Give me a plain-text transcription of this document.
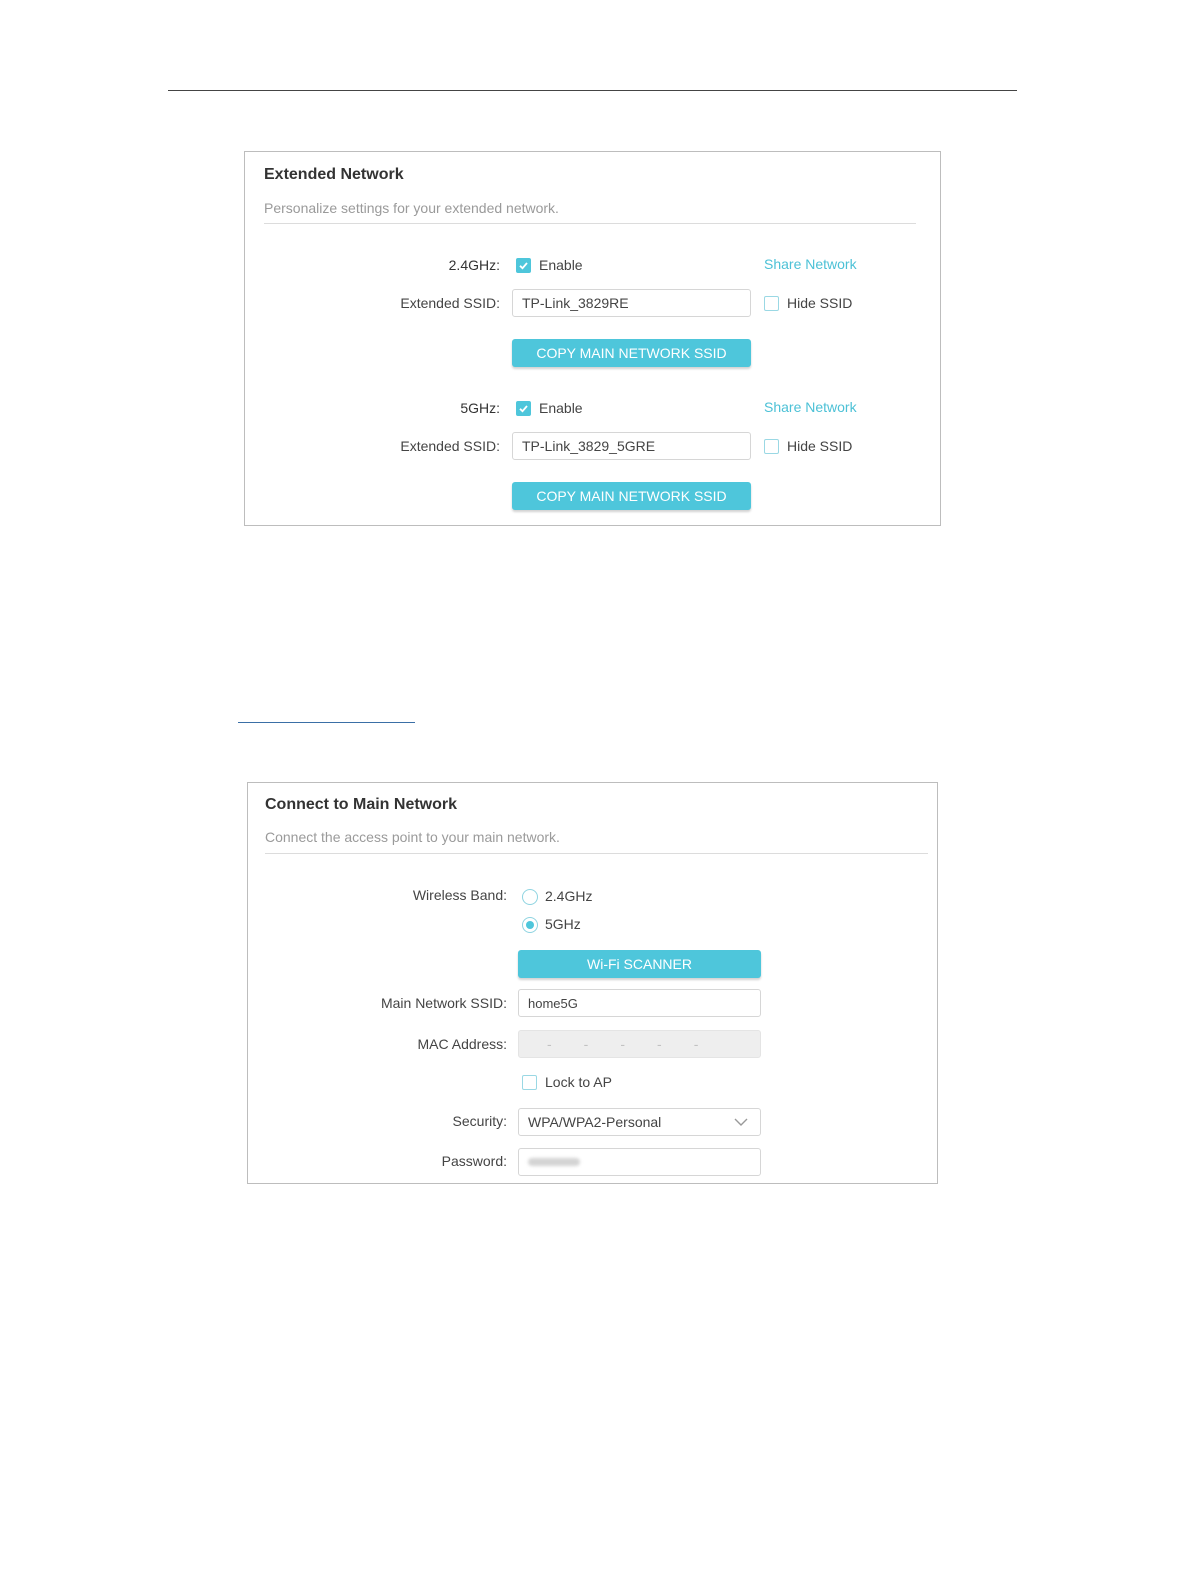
Extended Network
Personalize settings for your extended network.
2.4GHz:	Enable	Share Network
Extended SSID:	TP-Link_3829RE	Hide SSID
COPY MAIN NETWORK SSID
5GHz:	Enable	Share Network
Extended SSID:	TP-Link_3829_5GRE	Hide SSID
COPY MAIN NETWORK SSID
Connect to Main Network
Connect the access point to your main network.
Wireless Band:	2.4GHz
5GHz
Wi-Fi SCANNER
Main Network SSID:	home5G
MAC Address:	- - - - -
Lock to AP
Security: WPA/WPA2-Personal
Password:
